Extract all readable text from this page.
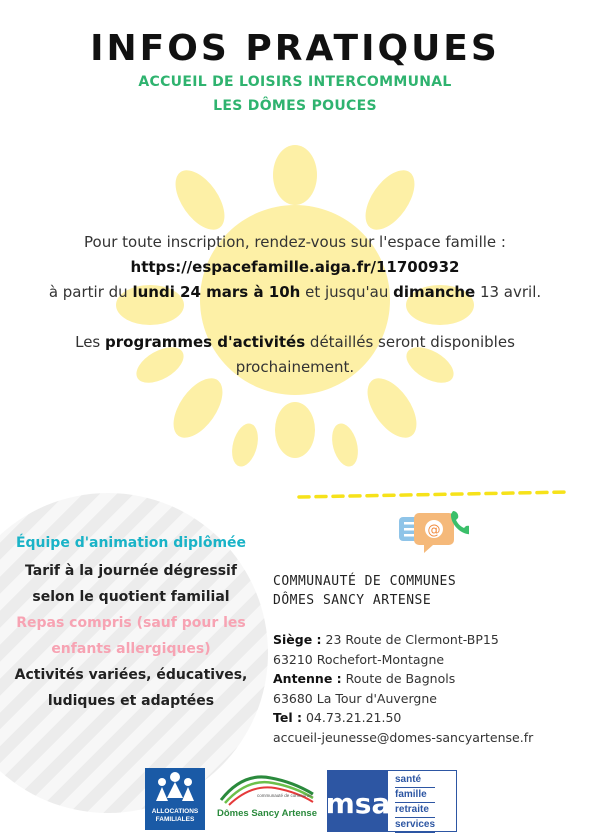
INFOS PRATIQUES
ACCUEIL DE LOISIRS INTERCOMMUNAL
LES DÔMES POUCES
Pour toute inscription, rendez-vous sur l'espace famille :
https://espacefamille.aiga.fr/11700932
à partir du lundi 24 mars à 10h et jusqu'au dimanche 13 avril.
Les programmes d'activités détaillés seront disponibles
prochainement.
Équipe d'animation diplômée
Tarif à la journée dégressif
selon le quotient familial
Repas compris (sauf pour les
enfants allergiques)
Activités variées, éducatives,
ludiques et adaptées
@
COMMUNAUTÉ DE COMMUNES
DÔMES SANCY ARTENSE
Siège : 23 Route de Clermont-BP15
63210 Rochefort-Montagne
Antenne : Route de Bagnols
63680 La Tour d'Auvergne
Tel : 04.73.21.21.50
accueil-jeunesse@domes-sancyartense.fr
ALLOCATIONS
FAMILIALES
communauté de communes
Dômes Sancy Artense msa
santé
famille
retraite
services
